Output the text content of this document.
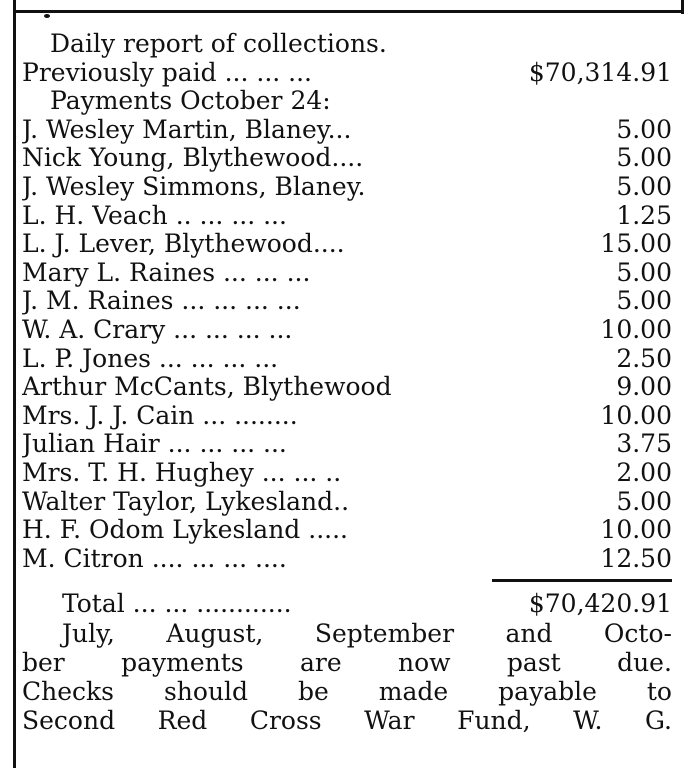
Daily report of collections.
Previously paid ... ... ...	$70,314.91
Payments October 24:
J. Wesley Martin, Blaney...	5.00
Nick Young, Blythewood....	5.00
J. Wesley Simmons, Blaney.	5.00
L. H. Veach .. ... ... ...	1.25
L. J. Lever, Blythewood....	15.00
Mary L. Raines ... ... ...	5.00
J. M. Raines ... ... ... ...	5.00
W. A. Crary ... ... ... ...	10.00
L. P. Jones ... ... ... ...	2.50
Arthur McCants, Blythewood	9.00
Mrs. J. J. Cain ... ........	10.00
Julian Hair ... ... ... ...	3.75
Mrs. T. H. Hughey ... ... ..	2.00
Walter Taylor, Lykesland..	5.00
H. F. Odom Lykesland .....	10.00
M. Citron .... ... ... ....	12.50
Total ... ... ............	$70,420.91
July, August, September and Octo-
ber payments are now past due.
Checks should be made payable to
Second Red Cross War Fund, W. G.
